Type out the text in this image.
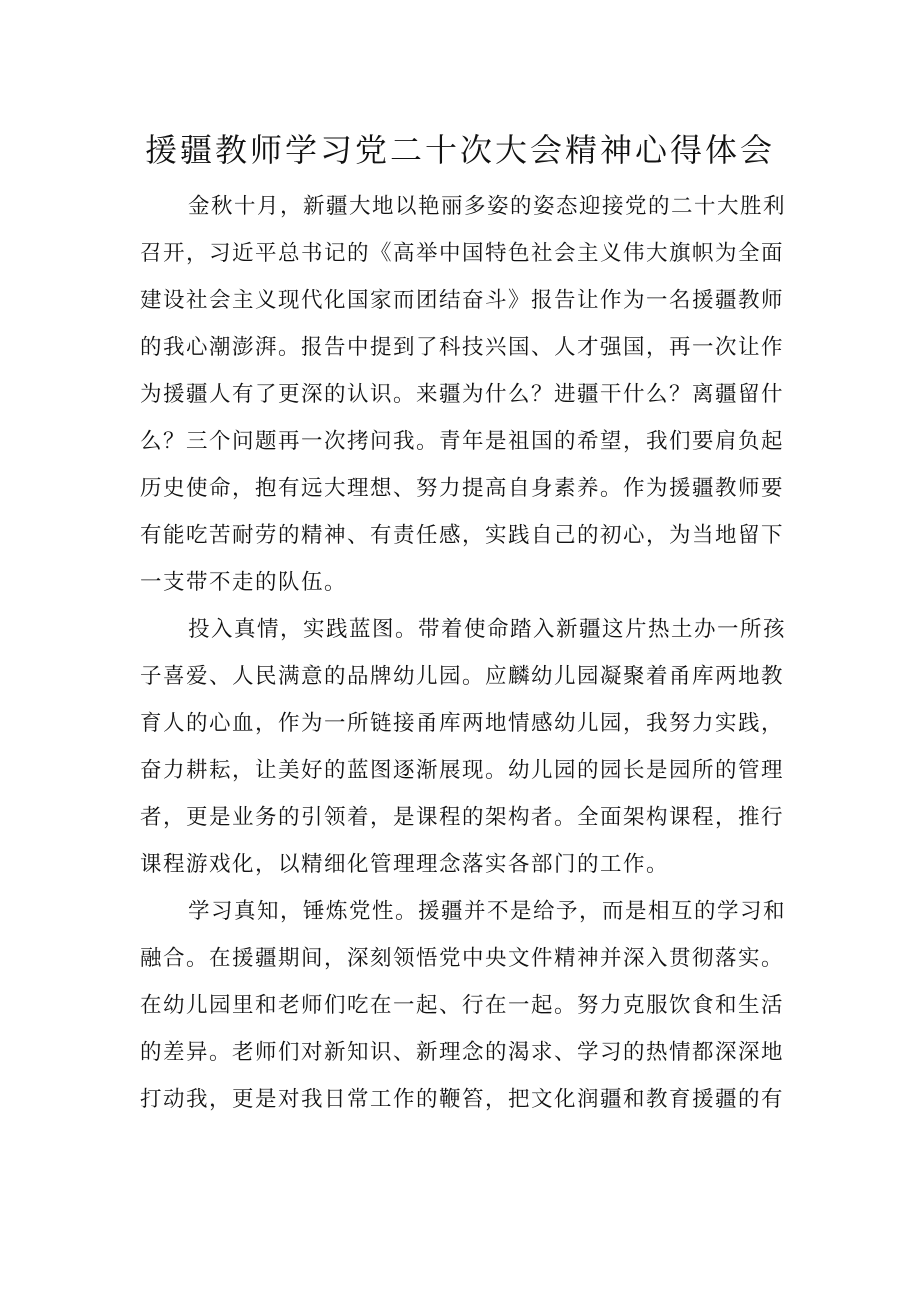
援疆教师学习党二十次大会精神心得体会
金秋十月，新疆大地以艳丽多姿的姿态迎接党的二十大胜利
召开，习近平总书记的《高举中国特色社会主义伟大旗帜为全面
建设社会主义现代化国家而团结奋斗》报告让作为一名援疆教师
的我心潮澎湃。报告中提到了科技兴国、人才强国，再一次让作
为援疆人有了更深的认识。来疆为什么？进疆干什么？离疆留什
么？三个问题再一次拷问我。青年是祖国的希望，我们要肩负起
历史使命，抱有远大理想、努力提高自身素养。作为援疆教师要
有能吃苦耐劳的精神、有责任感，实践自己的初心，为当地留下
一支带不走的队伍。
投入真情，实践蓝图。带着使命踏入新疆这片热土办一所孩
子喜爱、人民满意的品牌幼儿园。应麟幼儿园凝聚着甬库两地教
育人的心血，作为一所链接甬库两地情感幼儿园，我努力实践，
奋力耕耘，让美好的蓝图逐渐展现。幼儿园的园长是园所的管理
者，更是业务的引领着，是课程的架构者。全面架构课程，推行
课程游戏化，以精细化管理理念落实各部门的工作。
学习真知，锤炼党性。援疆并不是给予，而是相互的学习和
融合。在援疆期间，深刻领悟党中央文件精神并深入贯彻落实。
在幼儿园里和老师们吃在一起、行在一起。努力克服饮食和生活
的差异。老师们对新知识、新理念的渴求、学习的热情都深深地
打动我，更是对我日常工作的鞭笞，把文化润疆和教育援疆的有
